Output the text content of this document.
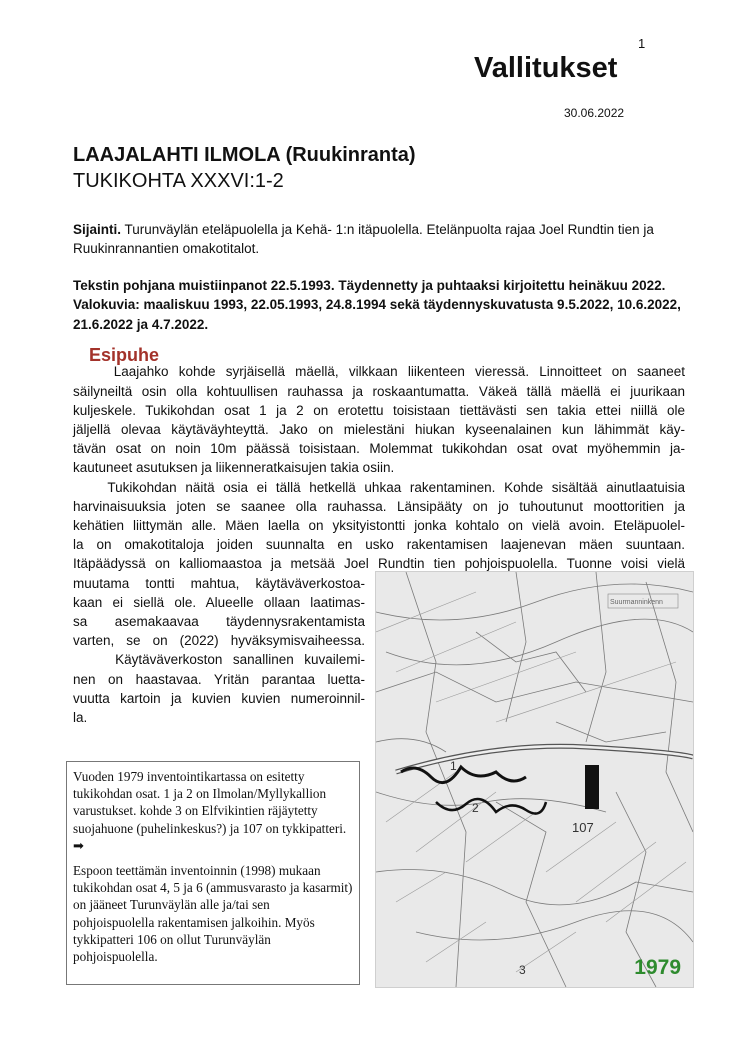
1
Vallitukset
30.06.2022
LAAJALAHTI ILMOLA (Ruukinranta)
TUKIKOHTA XXXVI:1-2

Sijainti. Turunväylän eteläpuolella ja Kehä- 1:n itäpuolella. Etelänpuolta rajaa Joel Rundtin tien ja Ruukinrannantien omakotitalot.

Tekstin pohjana muistiinpanot 22.5.1993. Täydennetty ja puhtaaksi kirjoitettu heinäkuu 2022. Valokuvia: maaliskuu 1993, 22.05.1993, 24.8.1994 sekä täydennyskuvatusta 9.5.2022, 10.6.2022, 21.6.2022 ja 4.7.2022.

Esipuhe
Laajahko kohde syrjäisellä mäellä, vilkkaan liikenteen vieressä. Linnoitteet on saaneet
säilyneiltä osin olla kohtuullisen rauhassa ja roskaantumatta. Väkeä tällä mäellä ei juurikaan
kuljeskele. Tukikohdan osat 1 ja 2 on erotettu toisistaan tiettävästi sen takia ettei niillä ole
jäljellä olevaa käytäväyhteyttä. Jako on mielestäni hiukan kyseenalainen kun lähimmät käy-
tävän osat on noin 10m päässä toisistaan. Molemmat tukikohdan osat ovat myöhemmin ja-
kautuneet asutuksen ja liikenneratkaisujen takia osiin.
Tukikohdan näitä osia ei tällä hetkellä uhkaa rakentaminen. Kohde sisältää ainutlaatuisia
harvinaisuuksia joten se saanee olla rauhassa. Länsipääty on jo tuhoutunut moottoritien ja
kehätien liittymän alle. Mäen laella on yksityistontti jonka kohtalo on vielä avoin. Eteläpuolel-
la on omakotitaloja joiden suunnalta en usko rakentamisen laajenevan mäen suuntaan.
Itäpäädyssä on kalliomaastoa ja metsää Joel Rundtin tien pohjoispuolella. Tuonne voisi vielä
muutama tontti mahtua, käytäväverkostoa-
kaan ei siellä ole. Alueelle ollaan laatimas-
sa asemakaavaa täydennysrakentamista
varten, se on (2022) hyväksymisvaiheessa.
Käytäväverkoston sanallinen kuvailemi-
nen on haastavaa. Yritän parantaa luetta-
vuutta kartoin ja kuvien kuvien numeroinnil-
la.
Suurmanninkenn
1
2
107
3	1979

Vuoden 1979 inventointikartassa on esitetty tukikohdan osat. 1 ja 2 on Ilmolan/Myllykallion varustukset. kohde 3 on Elfvikintien räjäytetty suojahuone (puhelinkeskus?) ja 107 on tykkipatteri. ➡

Espoon teettämän inventoinnin (1998) mukaan tukikohdan osat 4, 5 ja 6 (ammusvarasto ja kasarmit) on jääneet Turunväylän alle ja/tai sen pohjoispuolella rakentamisen jalkoihin. Myös tykkipatteri 106 on ollut Turunväylän pohjoispuolella.
